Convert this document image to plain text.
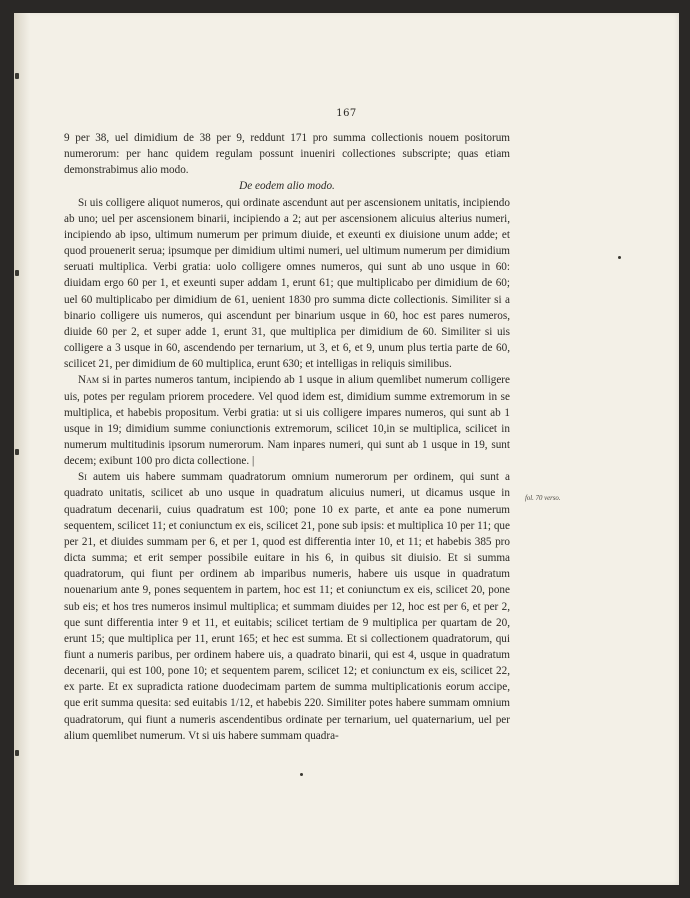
167

9 per 38, uel dimidium de 38 per 9, reddunt 171 pro summa collectionis nouem positorum numerorum: per hanc quidem regulam possunt inueniri collectiones subscripte; quas etiam demonstrabimus alio modo.

De eodem alio modo.

Si uis colligere aliquot numeros, qui ordinate ascendunt aut per ascensionem unitatis, incipiendo ab uno; uel per ascensionem binarii, incipiendo a 2; aut per ascensionem alicuius alterius numeri, incipiendo ab ipso, ultimum numerum per primum diuide, et exeunti ex diuisione unum adde; et quod prouenerit serua; ipsumque per dimidium ultimi numeri, uel ultimum numerum per dimidium seruati multiplica. Verbi gratia: uolo colligere omnes numeros, qui sunt ab uno usque in 60: diuidam ergo 60 per 1, et exeunti super addam 1, erunt 61; que multiplicabo per dimidium de 60; uel 60 multiplicabo per dimidium de 61, uenient 1830 pro summa dicte collectionis. Similiter si a binario colligere uis numeros, qui ascendunt per binarium usque in 60, hoc est pares numeros, diuide 60 per 2, et super adde 1, erunt 31, que multiplica per dimidium de 60. Similiter si uis colligere a 3 usque in 60, ascendendo per ternarium, ut 3, et 6, et 9, unum plus tertia parte de 60, scilicet 21, per dimidium de 60 multiplica, erunt 630; et intelligas in reliquis similibus.

Nam si in partes numeros tantum, incipiendo ab 1 usque in alium quemlibet numerum colligere uis, potes per regulam priorem procedere. Vel quod idem est, dimidium summe extremorum in se multiplica, et habebis propositum. Verbi gratia: ut si uis colligere impares numeros, qui sunt ab 1 usque in 19; dimidium summe coniunctionis extremorum, scilicet 10,in se multiplica, scilicet in numerum multitudinis ipsorum numerorum. Nam inpares numeri, qui sunt ab 1 usque in 19, sunt decem; exibunt 100 pro dicta collectione. |

Si autem uis habere summam quadratorum omnium numerorum per ordinem, qui sunt a quadrato unitatis, scilicet ab uno usque in quadratum alicuius numeri, ut dicamus usque in quadratum decenarii, cuius quadratum est 100; pone 10 ex parte, et ante ea pone numerum sequentem, scilicet 11; et coniunctum ex eis, scilicet 21, pone sub ipsis: et multiplica 10 per 11; que per 21, et diuides summam per 6, et per 1, quod est differentia inter 10, et 11; et habebis 385 pro dicta summa; et erit semper possibile euitare in his 6, in quibus sit diuisio. Et si summa quadratorum, qui fiunt per ordinem ab imparibus numeris, habere uis usque in quadratum nouenarium ante 9, pones sequentem in partem, hoc est 11; et coniunctum ex eis, scilicet 20, pone sub eis; et hos tres numeros insimul multiplica; et summam diuides per 12, hoc est per 6, et per 2, que sunt differentia inter 9 et 11, et euitabis; scilicet tertiam de 9 multiplica per quartam de 20, erunt 15; que multiplica per 11, erunt 165; et hec est summa. Et si collectionem quadratorum, qui fiunt a numeris paribus, per ordinem habere uis, a quadrato binarii, qui est 4, usque in quadratum decenarii, qui est 100, pone 10; et sequentem parem, scilicet 12; et coniunctum ex eis, scilicet 22, ex parte. Et ex supradicta ratione duodecimam partem de summa multiplicationis eorum accipe, que erit summa quesita: sed euitabis 1/12, et habebis 220. Similiter potes habere summam omnium quadratorum, qui fiunt a numeris ascendentibus ordinate per ternarium, uel quaternarium, uel per alium quemlibet numerum. Vt si uis habere summam quadra-

fol. 70 verso.
